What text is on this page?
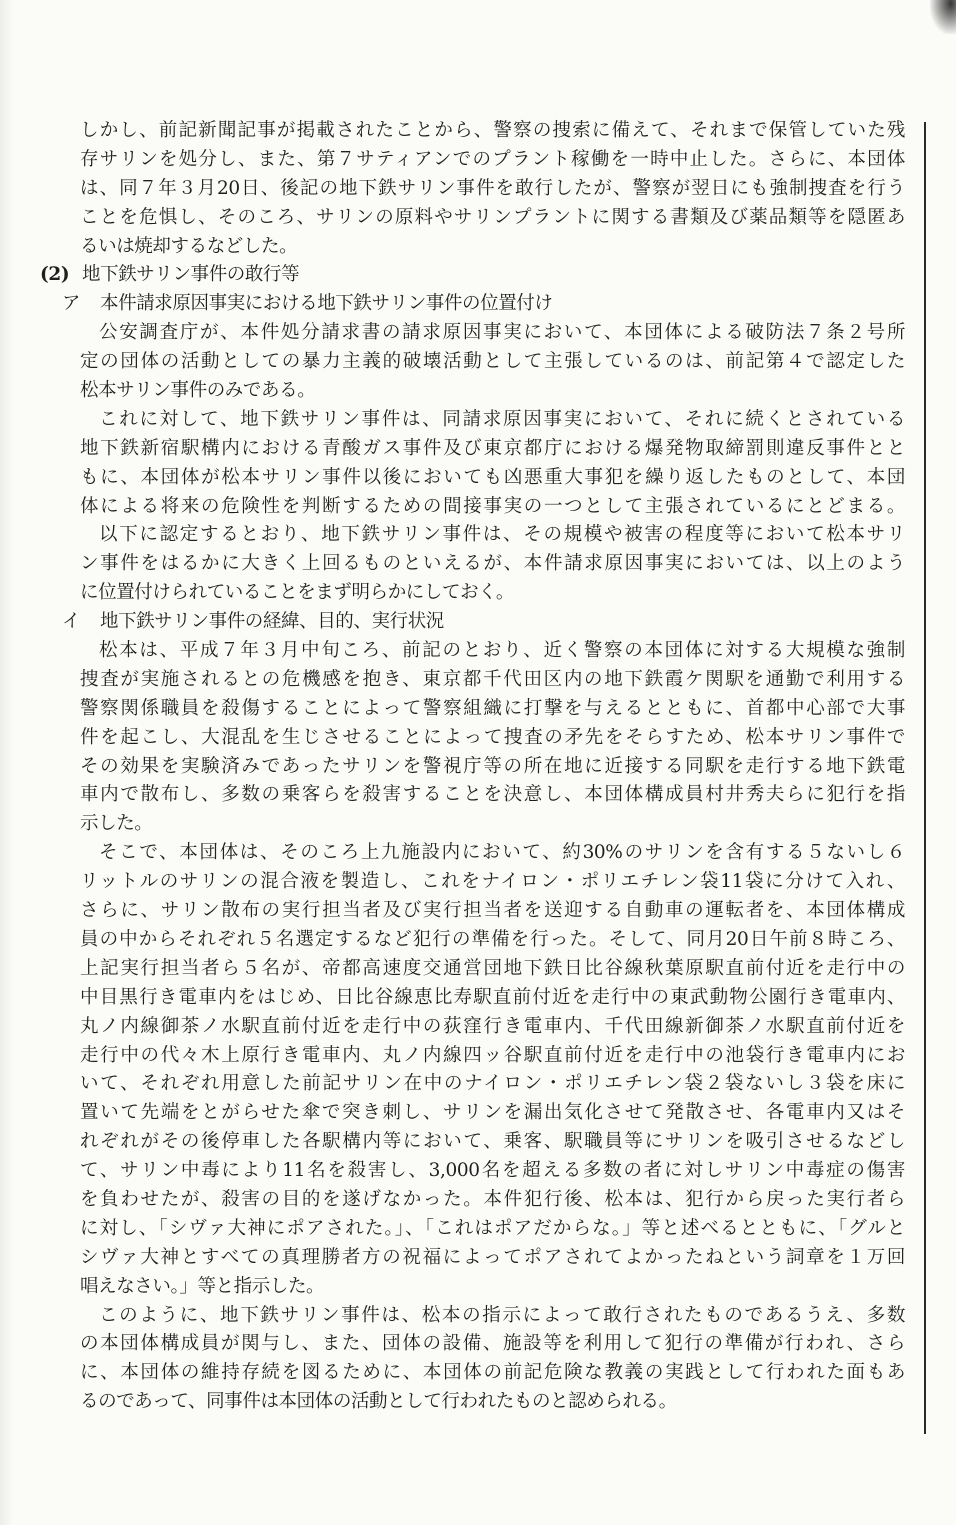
しかし、前記新聞記事が掲載されたことから、警察の捜索に備えて、それまで保管していた残
存サリンを処分し、また、第７サティアンでのプラント稼働を一時中止した。さらに、本団体
は、同７年３月20日、後記の地下鉄サリン事件を敢行したが、警察が翌日にも強制捜査を行う
ことを危惧し、そのころ、サリンの原料やサリンプラントに関する書類及び薬品類等を隠匿あ
るいは焼却するなどした。
(2) 地下鉄サリン事件の敢行等
ア 本件請求原因事実における地下鉄サリン事件の位置付け
公安調査庁が、本件処分請求書の請求原因事実において、本団体による破防法７条２号所
定の団体の活動としての暴力主義的破壊活動として主張しているのは、前記第４で認定した
松本サリン事件のみである。
これに対して、地下鉄サリン事件は、同請求原因事実において、それに続くとされている
地下鉄新宿駅構内における青酸ガス事件及び東京都庁における爆発物取締罰則違反事件とと
もに、本団体が松本サリン事件以後においても凶悪重大事犯を繰り返したものとして、本団
体による将来の危険性を判断するための間接事実の一つとして主張されているにとどまる。
以下に認定するとおり、地下鉄サリン事件は、その規模や被害の程度等において松本サリ
ン事件をはるかに大きく上回るものといえるが、本件請求原因事実においては、以上のよう
に位置付けられていることをまず明らかにしておく。
イ 地下鉄サリン事件の経緯、目的、実行状況
松本は、平成７年３月中旬ころ、前記のとおり、近く警察の本団体に対する大規模な強制
捜査が実施されるとの危機感を抱き、東京都千代田区内の地下鉄霞ケ関駅を通勤で利用する
警察関係職員を殺傷することによって警察組織に打撃を与えるとともに、首都中心部で大事
件を起こし、大混乱を生じさせることによって捜査の矛先をそらすため、松本サリン事件で
その効果を実験済みであったサリンを警視庁等の所在地に近接する同駅を走行する地下鉄電
車内で散布し、多数の乗客らを殺害することを決意し、本団体構成員村井秀夫らに犯行を指
示した。
そこで、本団体は、そのころ上九施設内において、約30%のサリンを含有する５ないし６
リットルのサリンの混合液を製造し、これをナイロン・ポリエチレン袋11袋に分けて入れ、
さらに、サリン散布の実行担当者及び実行担当者を送迎する自動車の運転者を、本団体構成
員の中からそれぞれ５名選定するなど犯行の準備を行った。そして、同月20日午前８時ころ、
上記実行担当者ら５名が、帝都高速度交通営団地下鉄日比谷線秋葉原駅直前付近を走行中の
中目黒行き電車内をはじめ、日比谷線恵比寿駅直前付近を走行中の東武動物公園行き電車内、
丸ノ内線御茶ノ水駅直前付近を走行中の荻窪行き電車内、千代田線新御茶ノ水駅直前付近を
走行中の代々木上原行き電車内、丸ノ内線四ッ谷駅直前付近を走行中の池袋行き電車内にお
いて、それぞれ用意した前記サリン在中のナイロン・ポリエチレン袋２袋ないし３袋を床に
置いて先端をとがらせた傘で突き刺し、サリンを漏出気化させて発散させ、各電車内又はそ
れぞれがその後停車した各駅構内等において、乗客、駅職員等にサリンを吸引させるなどし
て、サリン中毒により11名を殺害し、3,000名を超える多数の者に対しサリン中毒症の傷害
を負わせたが、殺害の目的を遂げなかった。本件犯行後、松本は、犯行から戻った実行者ら
に対し、「シヴァ大神にポアされた。」、「これはポアだからな。」等と述べるとともに、「グルと
シヴァ大神とすべての真理勝者方の祝福によってポアされてよかったねという詞章を１万回
唱えなさい。」等と指示した。
このように、地下鉄サリン事件は、松本の指示によって敢行されたものであるうえ、多数
の本団体構成員が関与し、また、団体の設備、施設等を利用して犯行の準備が行われ、さら
に、本団体の維持存続を図るために、本団体の前記危険な教義の実践として行われた面もあ
るのであって、同事件は本団体の活動として行われたものと認められる。
